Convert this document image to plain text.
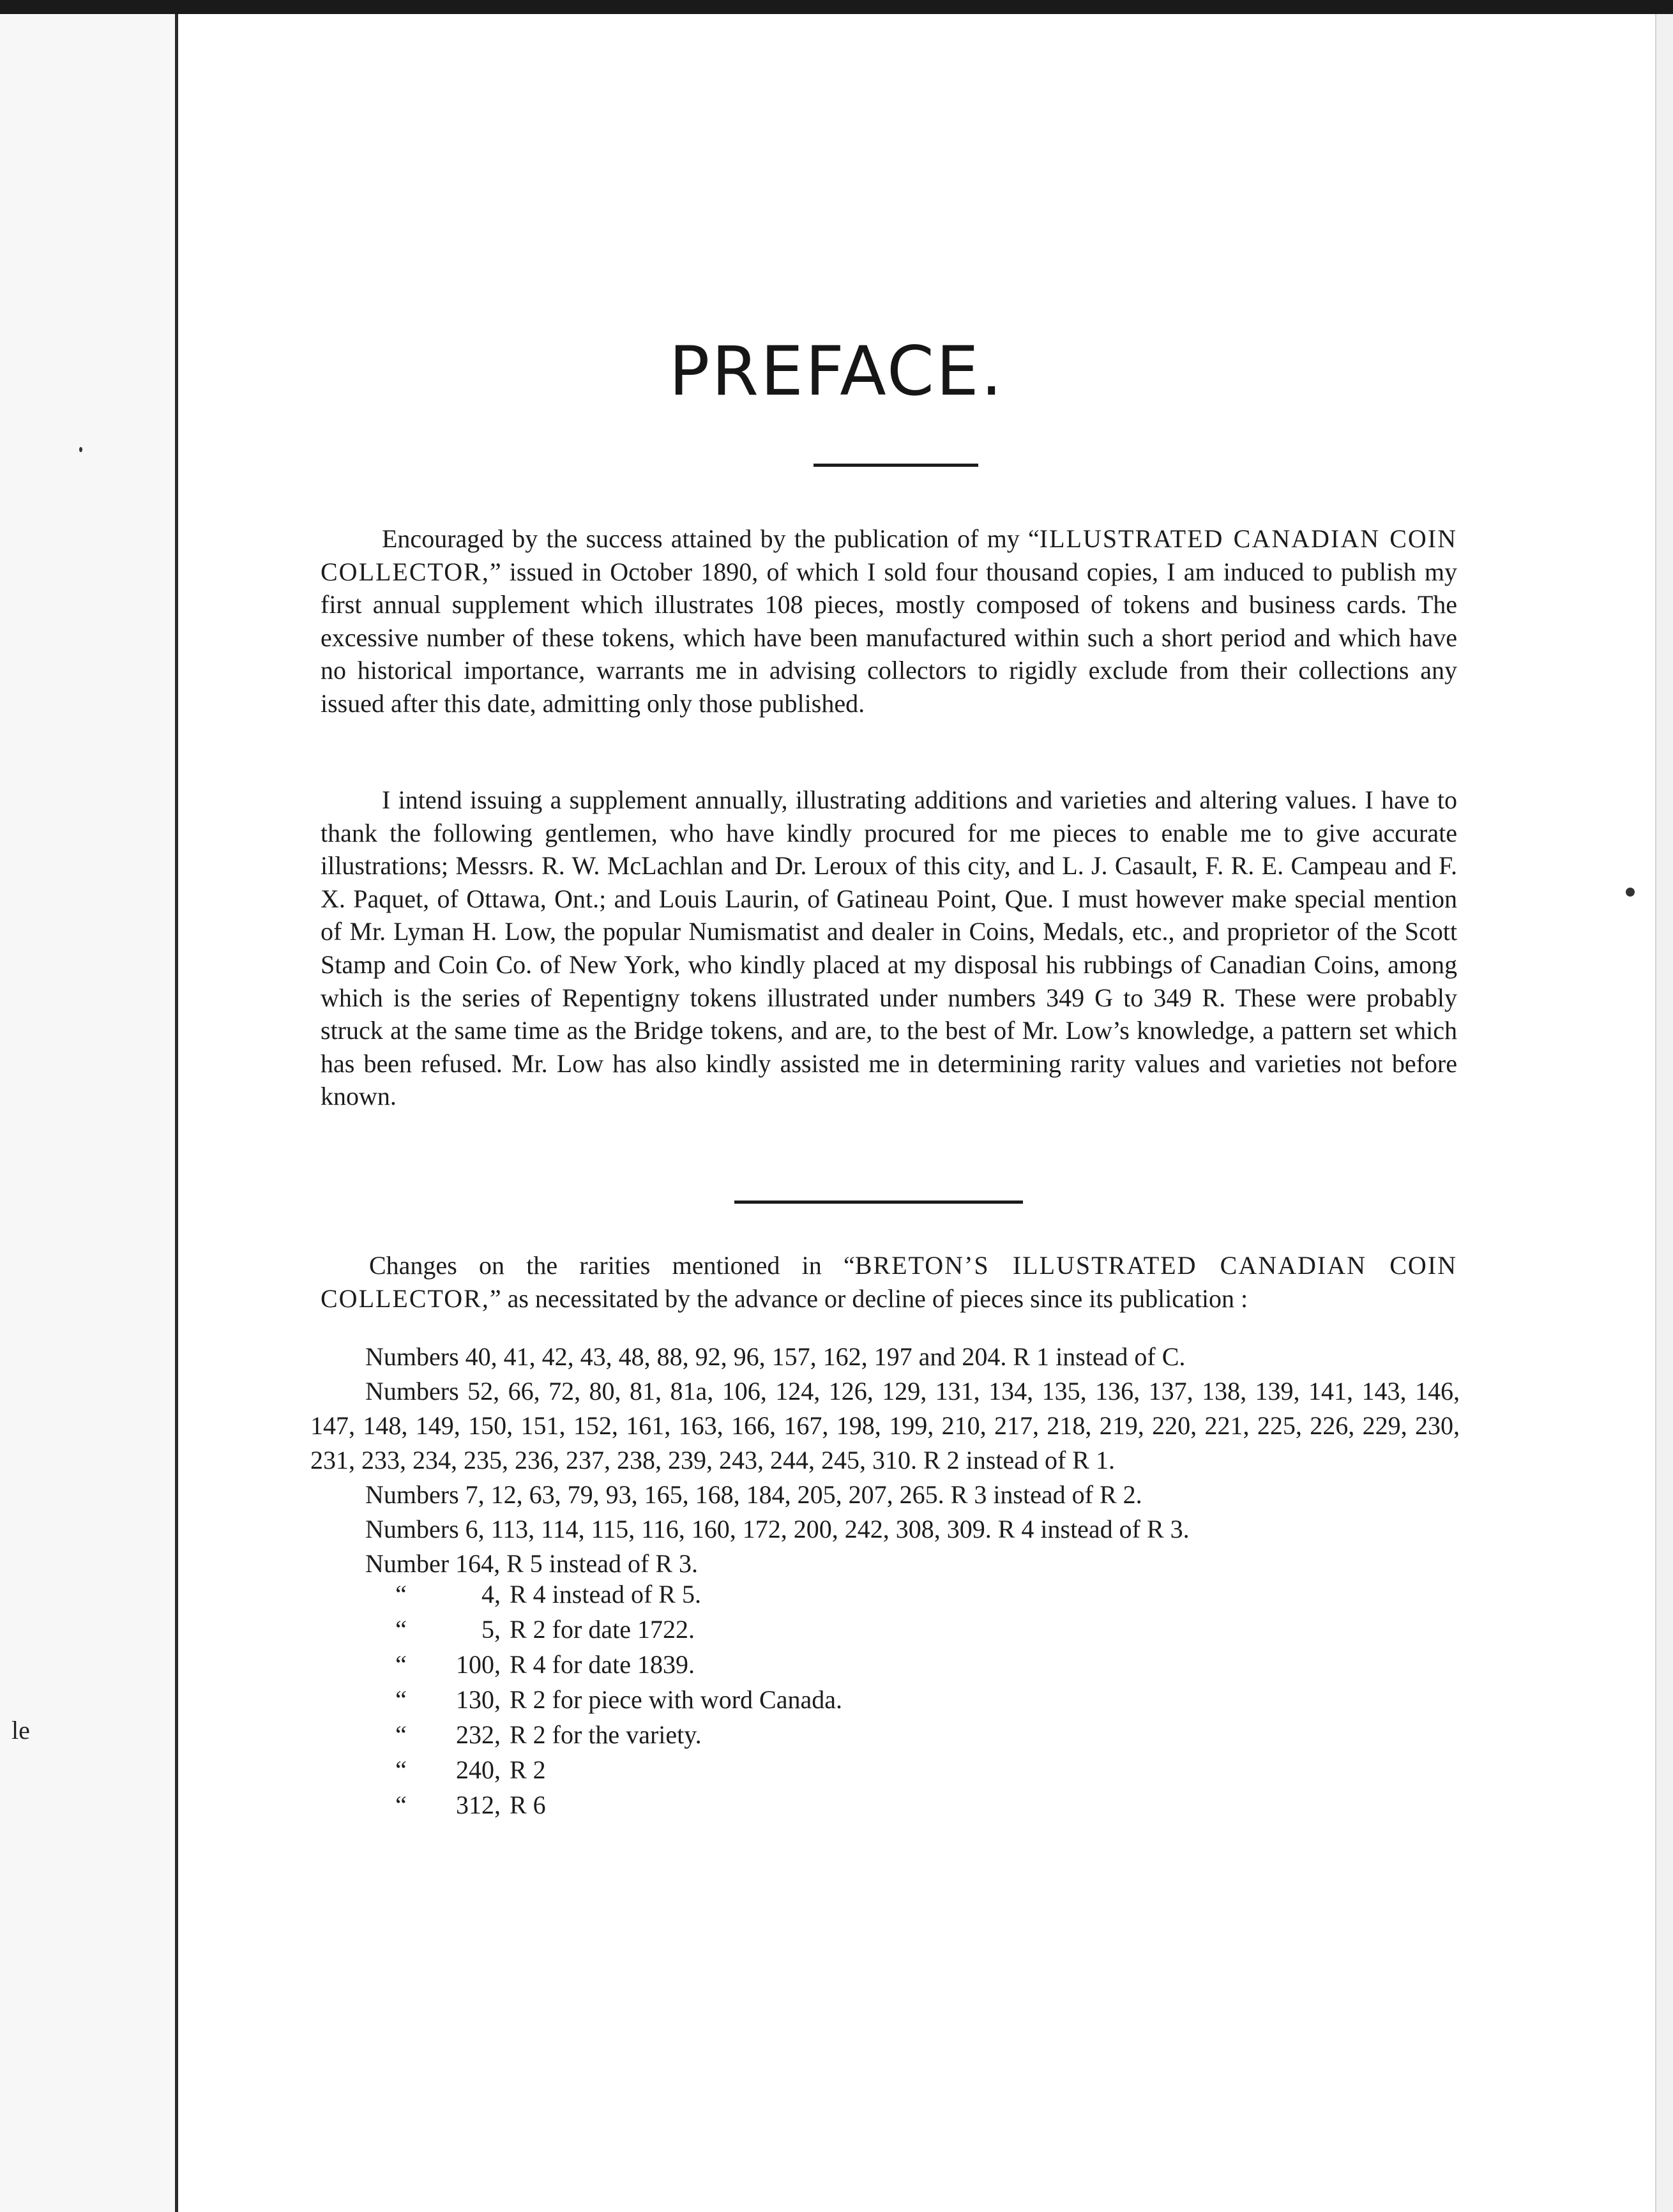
le
PREFACE.

Encouraged by the success attained by the publication of my “ILLUSTRATED CANADIAN COIN COLLECTOR,” issued in October 1890, of which I sold four thousand copies, I am induced to publish my first annual supplement which illustrates 108 pieces, mostly composed of tokens and business cards. The excessive number of these tokens, which have been manufactured within such a short period and which have no historical importance, warrants me in advising collectors to rigidly exclude from their collections any issued after this date, admitting only those published.

I intend issuing a supplement annually, illustrating additions and varieties and altering values. I have to thank the following gentlemen, who have kindly procured for me pieces to enable me to give accurate illustrations; Messrs. R. W. McLachlan and Dr. Leroux of this city, and L. J. Casault, F. R. E. Campeau and F. X. Paquet, of Ottawa, Ont.; and Louis Laurin, of Gatineau Point, Que. I must however make special mention of Mr. Lyman H. Low, the popular Numismatist and dealer in Coins, Medals, etc., and proprietor of the Scott Stamp and Coin Co. of New York, who kindly placed at my disposal his rubbings of Canadian Coins, among which is the series of Repentigny tokens illustrated under numbers 349 G to 349 R. These were probably struck at the same time as the Bridge tokens, and are, to the best of Mr. Low’s knowledge, a pattern set which has been refused. Mr. Low has also kindly assisted me in determining rarity values and varieties not before known.

Changes on the rarities mentioned in “BRETON’S ILLUSTRATED CANADIAN COIN COLLECTOR,” as necessitated by the advance or decline of pieces since its publication :

Numbers 40, 41, 42, 43, 48, 88, 92, 96, 157, 162, 197 and 204. R 1 instead of C.

Numbers 52, 66, 72, 80, 81, 81a, 106, 124, 126, 129, 131, 134, 135, 136, 137, 138, 139, 141, 143, 146, 147, 148, 149, 150, 151, 152, 161, 163, 166, 167, 198, 199, 210, 217, 218, 219, 220, 221, 225, 226, 229, 230, 231, 233, 234, 235, 236, 237, 238, 239, 243, 244, 245, 310. R 2 instead of R 1.

Numbers 7, 12, 63, 79, 93, 165, 168, 184, 205, 207, 265. R 3 instead of R 2.

Numbers 6, 113, 114, 115, 116, 160, 172, 200, 242, 308, 309. R 4 instead of R 3.

Number 164, R 5 instead of R 3.

“	4, R 4 instead of R 5.
“	5, R 2 for date 1722.
“ 100, R 4 for date 1839.
“ 130, R 2 for piece with word Canada.
“ 232, R 2 for the variety.
“ 240, R 2
“ 312, R 6
